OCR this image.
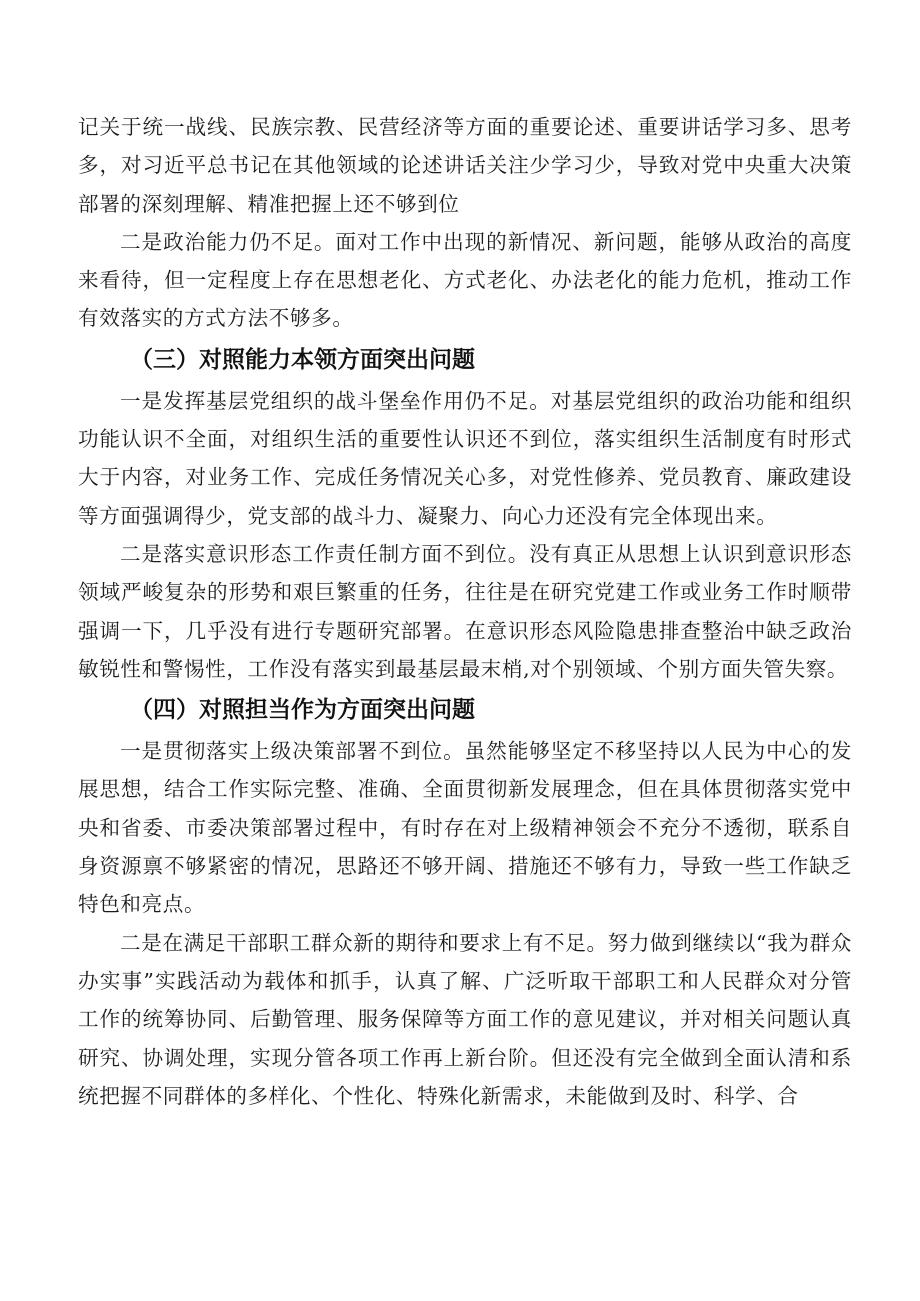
记关于统一战线、民族宗教、民营经济等方面的重要论述、重要讲话学习多、思考多，对习近平总书记在其他领域的论述讲话关注少学习少，导致对党中央重大决策部署的深刻理解、精准把握上还不够到位

二是政治能力仍不足。面对工作中出现的新情况、新问题，能够从政治的高度来看待，但一定程度上存在思想老化、方式老化、办法老化的能力危机，推动工作有效落实的方式方法不够多。

（三）对照能力本领方面突出问题

一是发挥基层党组织的战斗堡垒作用仍不足。对基层党组织的政治功能和组织功能认识不全面，对组织生活的重要性认识还不到位，落实组织生活制度有时形式大于内容，对业务工作、完成任务情况关心多，对党性修养、党员教育、廉政建设等方面强调得少，党支部的战斗力、凝聚力、向心力还没有完全体现出来。

二是落实意识形态工作责任制方面不到位。没有真正从思想上认识到意识形态领域严峻复杂的形势和艰巨繁重的任务，往往是在研究党建工作或业务工作时顺带强调一下，几乎没有进行专题研究部署。在意识形态风险隐患排查整治中缺乏政治敏锐性和警惕性，工作没有落实到最基层最末梢,对个别领域、个别方面失管失察。

（四）对照担当作为方面突出问题

一是贯彻落实上级决策部署不到位。虽然能够坚定不移坚持以人民为中心的发展思想，结合工作实际完整、准确、全面贯彻新发展理念，但在具体贯彻落实党中央和省委、市委决策部署过程中，有时存在对上级精神领会不充分不透彻，联系自身资源禀不够紧密的情况，思路还不够开阔、措施还不够有力，导致一些工作缺乏特色和亮点。

二是在满足干部职工群众新的期待和要求上有不足。努力做到继续以“我为群众办实事”实践活动为载体和抓手，认真了解、广泛听取干部职工和人民群众对分管工作的统筹协同、后勤管理、服务保障等方面工作的意见建议，并对相关问题认真研究、协调处理，实现分管各项工作再上新台阶。但还没有完全做到全面认清和系统把握不同群体的多样化、个性化、特殊化新需求，未能做到及时、科学、合
